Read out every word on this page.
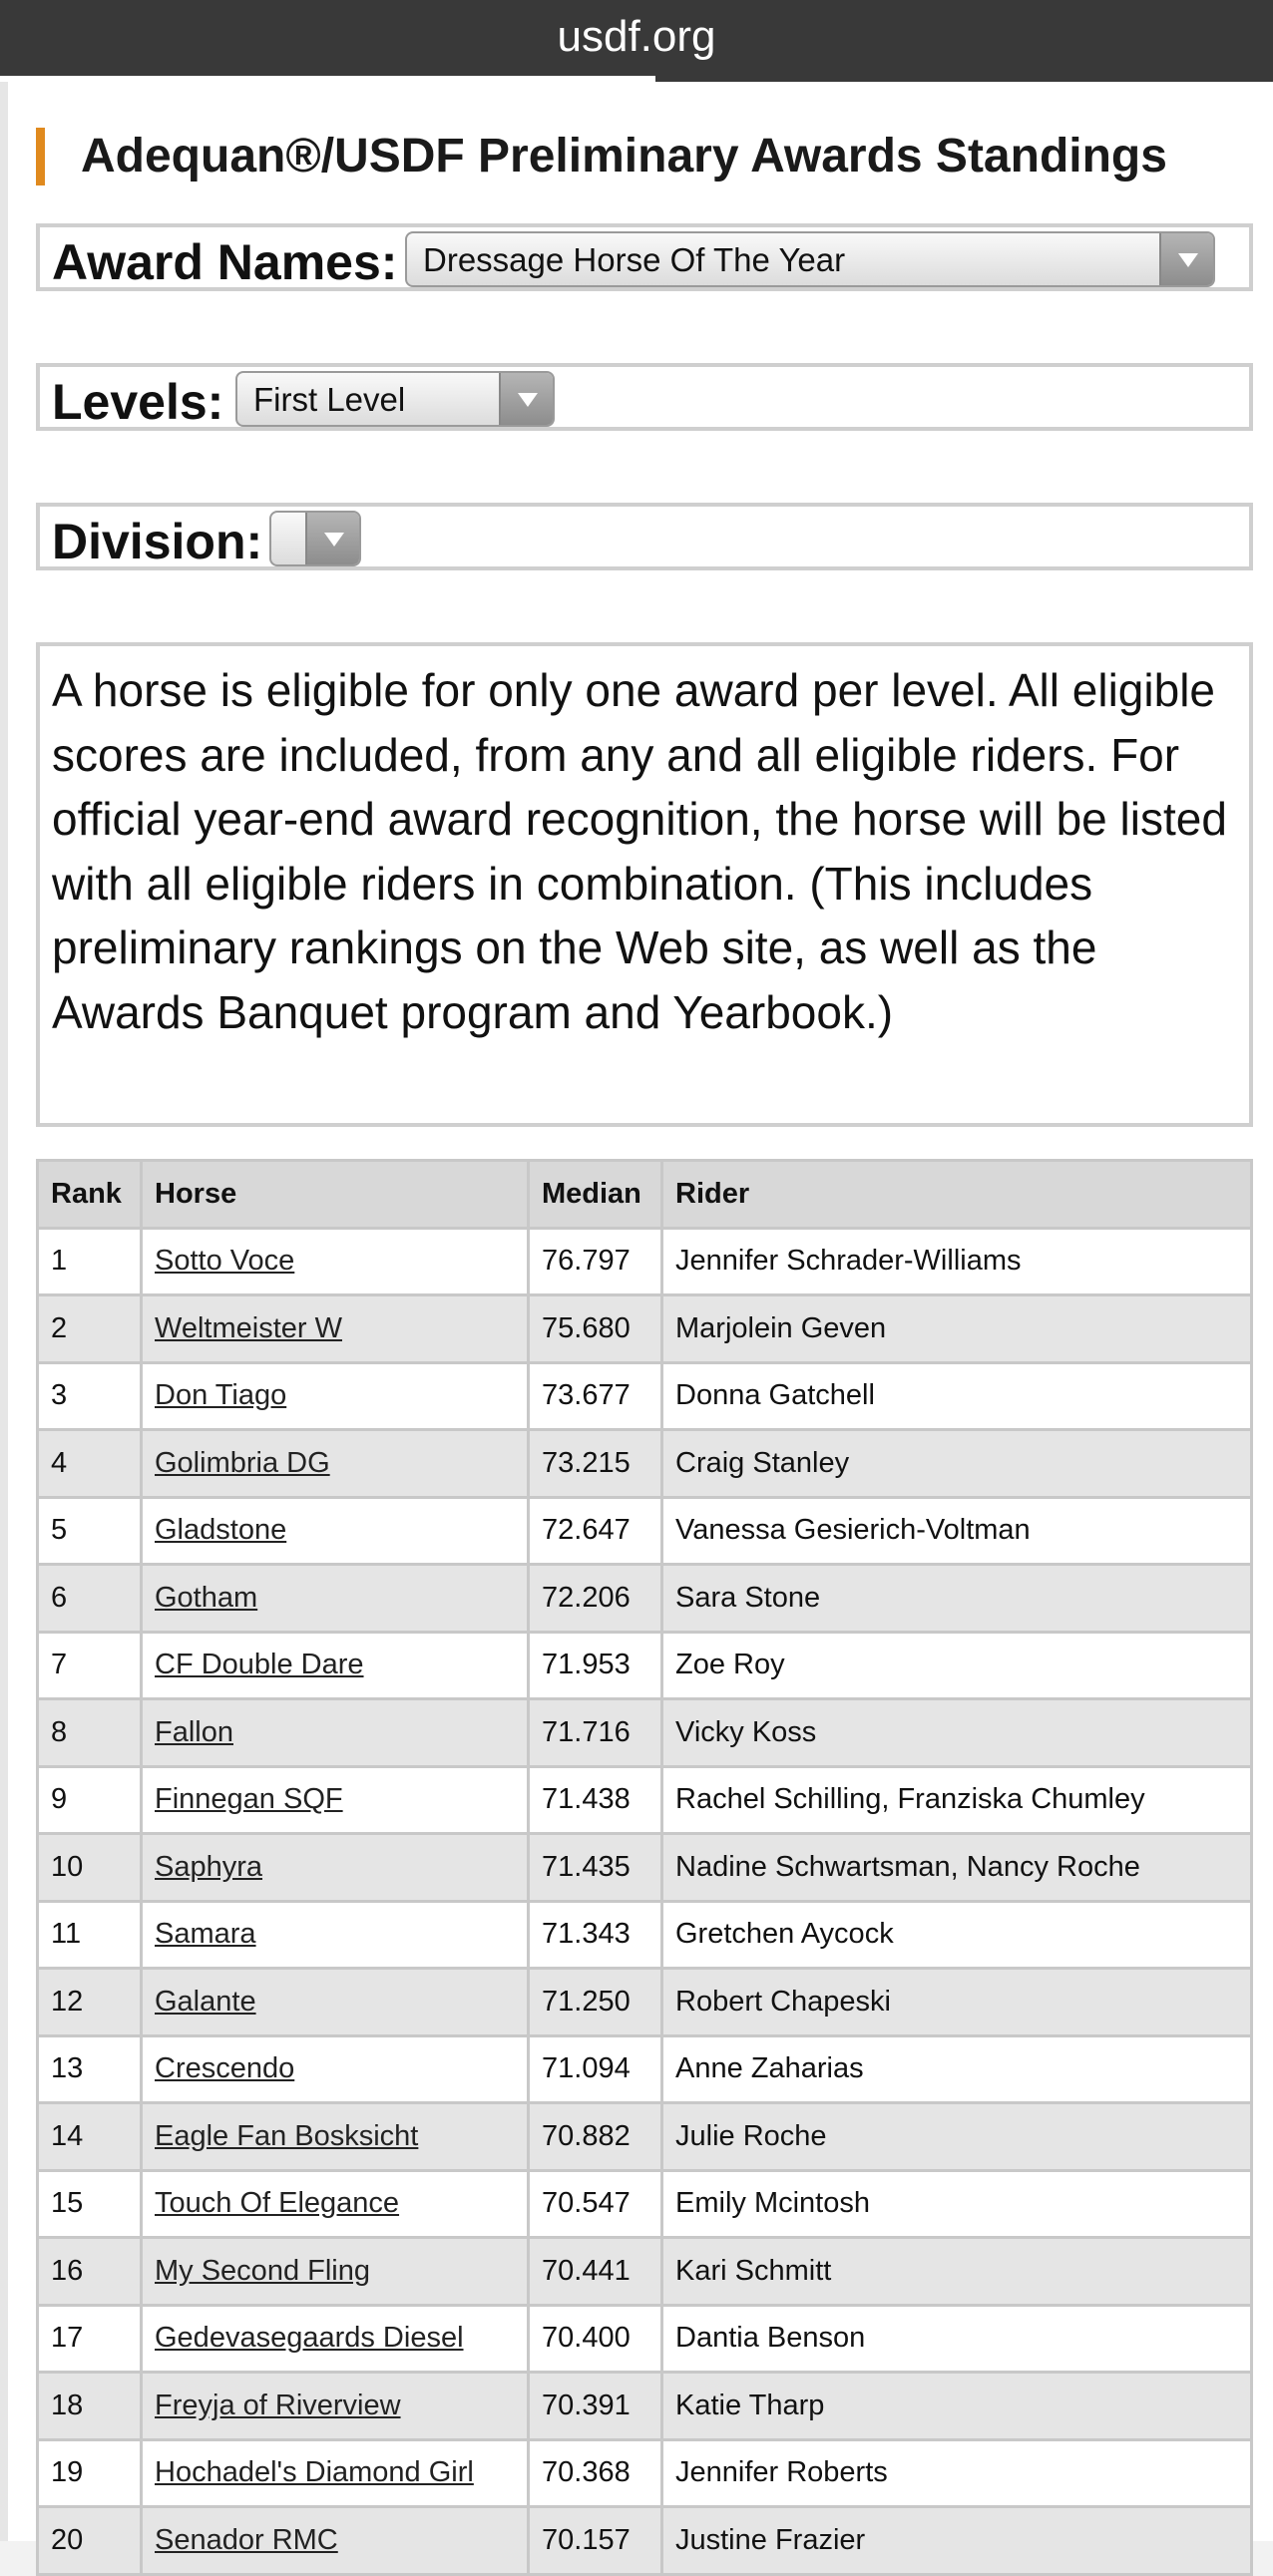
usdf.org
Adequan®/USDF Preliminary Awards Standings
Award Names: Dressage Horse Of The Year
Levels: First Level
Division:
A horse is eligible for only one award per level. All eligible scores are included, from any and all eligible riders. For official year-end award recognition, the horse will be listed with all eligible riders in combination. (This includes preliminary rankings on the Web site, as well as the Awards Banquet program and Yearbook.)
Rank	Horse	Median	Rider
1	Sotto Voce	76.797	Jennifer Schrader-Williams
2	Weltmeister W	75.680	Marjolein Geven
3	Don Tiago	73.677	Donna Gatchell
4	Golimbria DG	73.215	Craig Stanley
5	Gladstone	72.647	Vanessa Gesierich-Voltman
6	Gotham	72.206	Sara Stone
7	CF Double Dare	71.953	Zoe Roy
8	Fallon	71.716	Vicky Koss
9	Finnegan SQF	71.438	Rachel Schilling, Franziska Chumley
10	Saphyra	71.435	Nadine Schwartsman, Nancy Roche
11	Samara	71.343	Gretchen Aycock
12	Galante	71.250	Robert Chapeski
13	Crescendo	71.094	Anne Zaharias
14	Eagle Fan Bosksicht	70.882	Julie Roche
15	Touch Of Elegance	70.547	Emily Mcintosh
16	My Second Fling	70.441	Kari Schmitt
17	Gedevasegaards Diesel	70.400	Dantia Benson
18	Freyja of Riverview	70.391	Katie Tharp
19	Hochadel's Diamond Girl	70.368	Jennifer Roberts
20	Senador RMC	70.157	Justine Frazier
